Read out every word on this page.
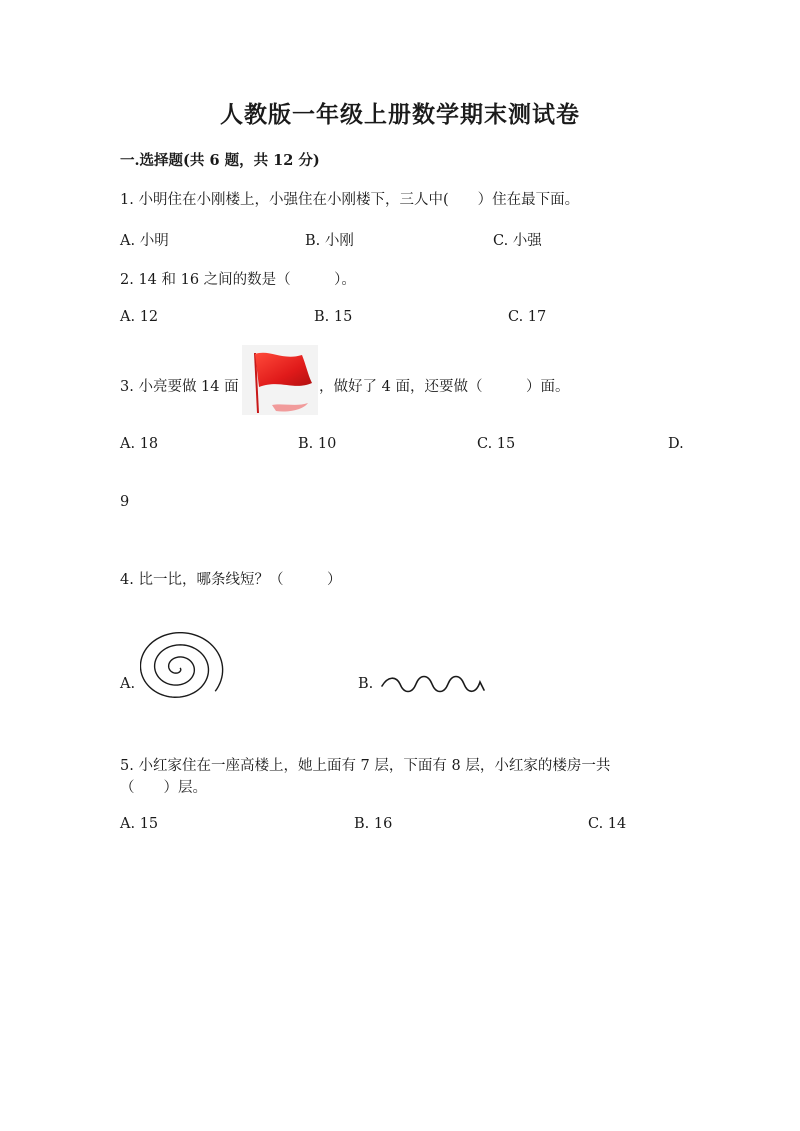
人教版一年级上册数学期末测试卷
一.选择题(共 6 题，共 12 分)
1. 小明住在小刚楼上，小强住在小刚楼下，三人中(　　）住在最下面。
A. 小明	B. 小刚	C. 小强
2. 14 和 16 之间的数是（　　　）。
A. 12	B. 15	C. 17
3. 小亮要做 14 面	，做好了 4 面，还要做（　　　）面。
A. 18	B. 10	C. 15	D.
9
4. 比一比，哪条线短？（　　　）
A.	B.
5. 小红家住在一座高楼上，她上面有 7 层，下面有 8 层，小红家的楼房一共
（　　）层。
A. 15	B. 16	C. 14
